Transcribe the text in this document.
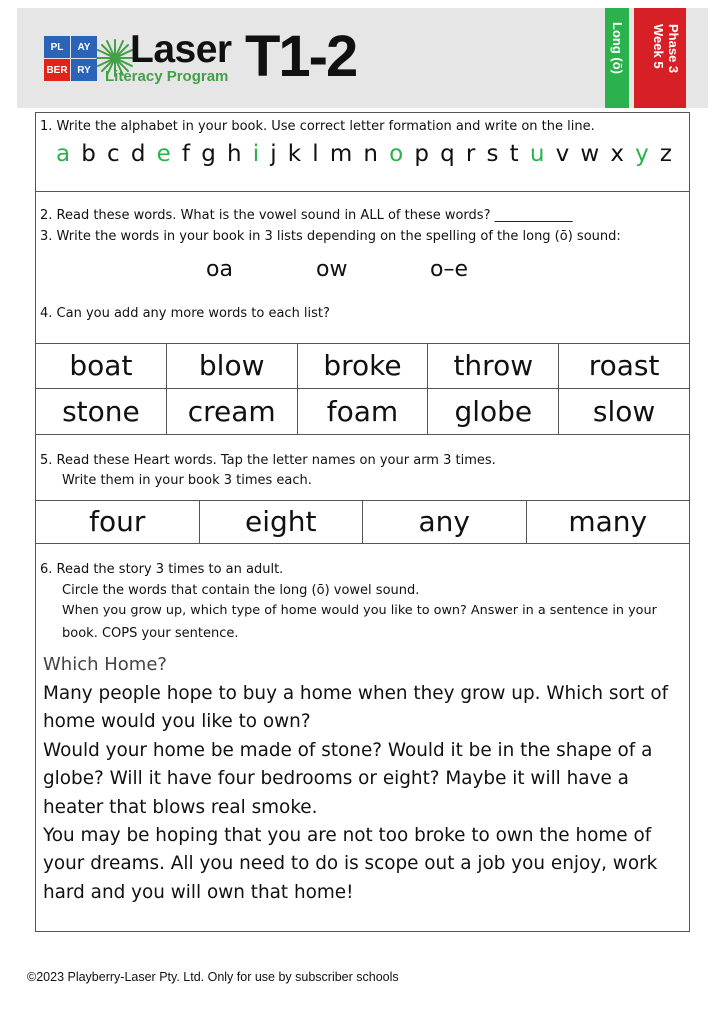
PL	AY
BER RY Laser
Literacy Program T1-2	Long (ō)	Phase 3
Week 5
1. Write the alphabet in your book. Use correct letter formation and write on the line.
a b c d e f g h i j k l m n o p q r s t u v w x y z
2. Read these words. What is the vowel sound in ALL of these words? ____________
3. Write the words in your book in 3 lists depending on the spelling of the long (ō) sound:
oa	ow	o–e
4. Can you add any more words to each list?
boat	blow	broke	throw	roast
stone	cream	foam	globe	slow
5. Read these Heart words. Tap the letter names on your arm 3 times.
Write them in your book 3 times each.
four	eight	any	many
6. Read the story 3 times to an adult.
Circle the words that contain the long (ō) vowel sound.
When you grow up, which type of home would you like to own? Answer in a sentence in your
book. COPS your sentence.
Which Home?

Many people hope to buy a home when they grow up. Which sort of

home would you like to own?

Would your home be made of stone? Would it be in the shape of a

globe? Will it have four bedrooms or eight? Maybe it will have a

heater that blows real smoke.

You may be hoping that you are not too broke to own the home of

your dreams. All you need to do is scope out a job you enjoy, work

hard and you will own that home!

©2023 Playberry-Laser Pty. Ltd. Only for use by subscriber schools
